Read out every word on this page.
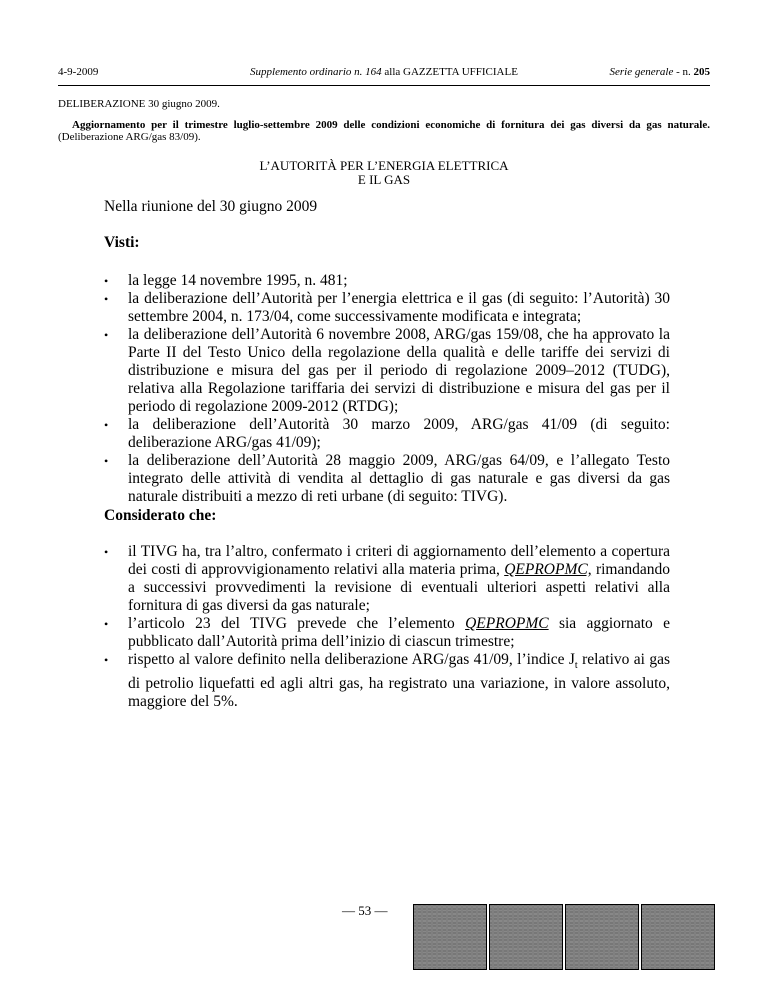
4-9-2009	Supplemento ordinario n. 164 alla GAZZETTA UFFICIALE	Serie generale - n. 205
DELIBERAZIONE 30 giugno 2009.
Aggiornamento per il trimestre luglio-settembre 2009 delle condizioni economiche di fornitura dei gas diversi da gas naturale. (Deliberazione ARG/gas 83/09).
L’AUTORITÀ PER L’ENERGIA ELETTRICA
E IL GAS
Nella riunione del 30 giugno 2009
Visti:
• la legge 14 novembre 1995, n. 481;
• la deliberazione dell’Autorità per l’energia elettrica e il gas (di seguito: l’Autorità) 30 settembre 2004, n. 173/04, come successivamente modificata e integrata;
• la deliberazione dell’Autorità 6 novembre 2008, ARG/gas 159/08, che ha approvato la Parte II del Testo Unico della regolazione della qualità e delle tariffe dei servizi di distribuzione e misura del gas per il periodo di regolazione 2009–2012 (TUDG), relativa alla Regolazione tariffaria dei servizi di distribuzione e misura del gas per il periodo di regolazione 2009-2012 (RTDG);
• la deliberazione dell’Autorità 30 marzo 2009, ARG/gas 41/09 (di seguito: deliberazione ARG/gas 41/09);
• la deliberazione dell’Autorità 28 maggio 2009, ARG/gas 64/09, e l’allegato Testo integrato delle attività di vendita al dettaglio di gas naturale e gas diversi da gas naturale distribuiti a mezzo di reti urbane (di seguito: TIVG).
Considerato che:
• il TIVG ha, tra l’altro, confermato i criteri di aggiornamento dell’elemento a copertura dei costi di approvvigionamento relativi alla materia prima, QEPROPMC, rimandando a successivi provvedimenti la revisione di eventuali ulteriori aspetti relativi alla fornitura di gas diversi da gas naturale;
• l’articolo 23 del TIVG prevede che l’elemento QEPROPMC sia aggiornato e pubblicato dall’Autorità prima dell’inizio di ciascun trimestre;
• rispetto al valore definito nella deliberazione ARG/gas 41/09, l’indice $J_t$ relativo ai gas di petrolio liquefatti ed agli altri gas, ha registrato una variazione, in valore assoluto, maggiore del 5%.
— 53 —
